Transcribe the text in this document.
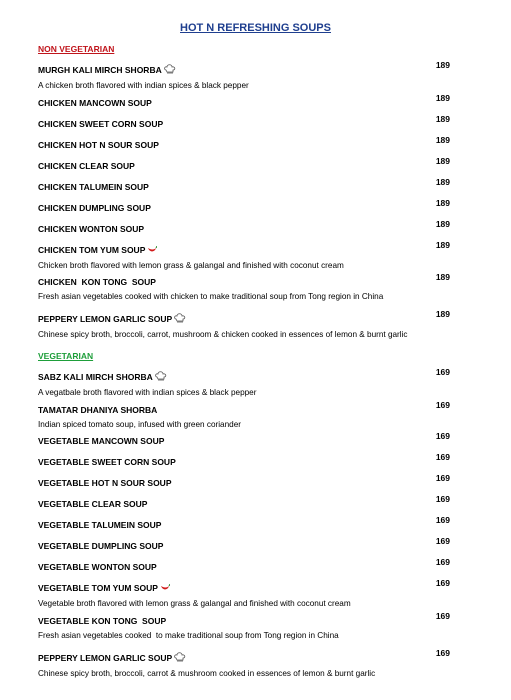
HOT N REFRESHING SOUPS
NON VEGETARIAN
VEGETARIAN
MURGH KALI MIRCH SHORBA	189
A chicken broth flavored with indian spices & black pepper
CHICKEN MANCOWN SOUP	189
CHICKEN SWEET CORN SOUP	189
CHICKEN HOT N SOUR SOUP	189
CHICKEN CLEAR SOUP	189
CHICKEN TALUMEIN SOUP	189
CHICKEN DUMPLING SOUP	189
CHICKEN WONTON SOUP	189
CHICKEN TOM YUM SOUP	189
Chicken broth flavored with lemon grass & galangal and finished with coconut cream
CHICKEN  KON TONG  SOUP	189
Fresh asian vegetables cooked with chicken to make traditional soup from Tong region in China
PEPPERY LEMON GARLIC SOUP	189
Chinese spicy broth, broccoli, carrot, mushroom & chicken cooked in essences of lemon & burnt garlic
SABZ KALI MIRCH SHORBA	169
A vegatbale broth flavored with indian spices & black pepper
TAMATAR DHANIYA SHORBA	169
Indian spiced tomato soup, infused with green coriander
VEGETABLE MANCOWN SOUP	169
VEGETABLE SWEET CORN SOUP	169
VEGETABLE HOT N SOUR SOUP	169
VEGETABLE CLEAR SOUP	169
VEGETABLE TALUMEIN SOUP	169
VEGETABLE DUMPLING SOUP	169
VEGETABLE WONTON SOUP	169
VEGETABLE TOM YUM SOUP	169
Vegetable broth flavored with lemon grass & galangal and finished with coconut cream
VEGETABLE KON TONG  SOUP	169
Fresh asian vegetables cooked  to make traditional soup from Tong region in China
PEPPERY LEMON GARLIC SOUP	169
Chinese spicy broth, broccoli, carrot & mushroom cooked in essences of lemon & burnt garlic
